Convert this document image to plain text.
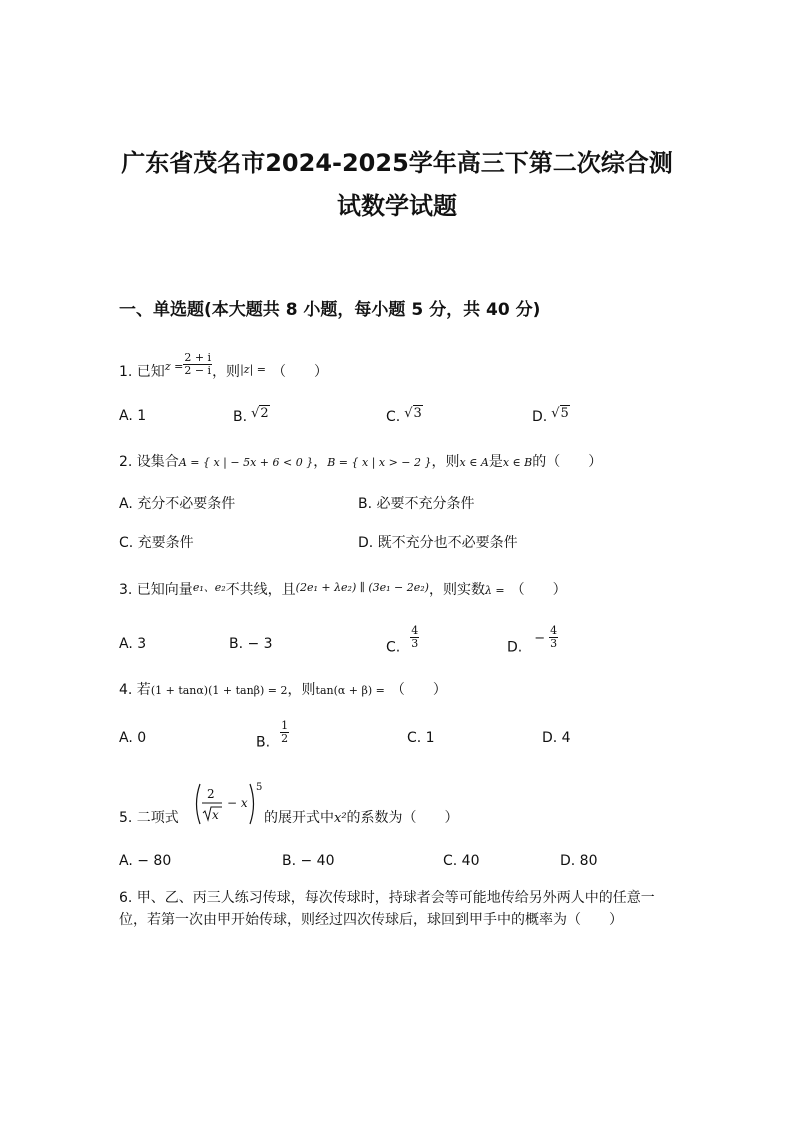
广东省茂名市2024-2025学年高三下第二次综合测
试数学试题
一、单选题(本大题共 8 小题，每小题 5 分，共 40 分)
1. 已知$^{z =} \frac{2 + i}{2 - i}$ ，则$^{|z| =}$ （　　）
A. 1	B. √2	C. √3	D. √5
2. 设集合A = { x | − 5x + 6 < 0 }，B = { x | x > − 2 }，则x ∈ A是x ∈ B的（　　）
A. 充分不必要条件	B. 必要不充分条件
C. 充要条件	D. 既不充分也不必要条件
3. 已知向量$^{e_1、e_2}$不共线，且$^{(2e_1 + \lambda e_2) \parallel (3e_1 - 2e_2)}$，则实数λ = （　　）
A. 3	B. − 3	C. $\frac{4}{3}$	$D.- \frac{4}{3}$
4. 若(1 + tanα)(1 + tanβ) = 2，则tan(α + β) = （　　）
A. 0	B. $\frac{1}{2}$	C. 1	D. 4
5. 二项式
2
x
− x
5
的展开式中x²的系数为（　　）
A. − 80	B. − 40	C. 40	D. 80
6. 甲、乙、丙三人练习传球，每次传球时，持球者会等可能地传给另外两人中的任意一位，若第一次由甲开始传球，则经过四次传球后，球回到甲手中的概率为（　　）
